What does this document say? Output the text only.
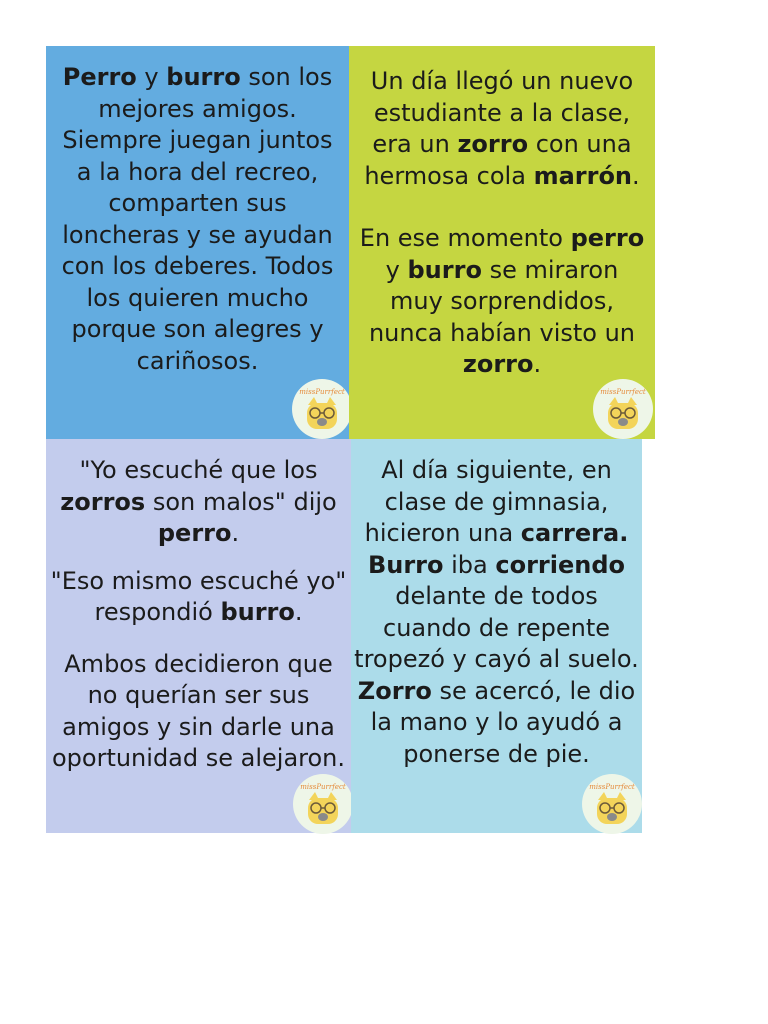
Perro y burro son los mejores amigos. Siempre juegan juntos a la hora del recreo, comparten sus loncheras y se ayudan con los deberes. Todos los quieren mucho porque son alegres y cariñosos.

missPurrfect

Un día llegó un nuevo estudiante a la clase, era un zorro con una hermosa cola marrón.

En ese momento perro y burro se miraron muy sorprendidos, nunca habían visto un zorro.

missPurrfect

"Yo escuché que los zorros son malos" dijo perro.

"Eso mismo escuché yo" respondió burro.

Ambos decidieron que no querían ser sus amigos y sin darle una oportunidad se alejaron.

missPurrfect

Al día siguiente, en clase de gimnasia, hicieron una carrera. Burro iba corriendo delante de todos cuando de repente tropezó y cayó al suelo. Zorro se acercó, le dio la mano y lo ayudó a ponerse de pie.

missPurrfect
